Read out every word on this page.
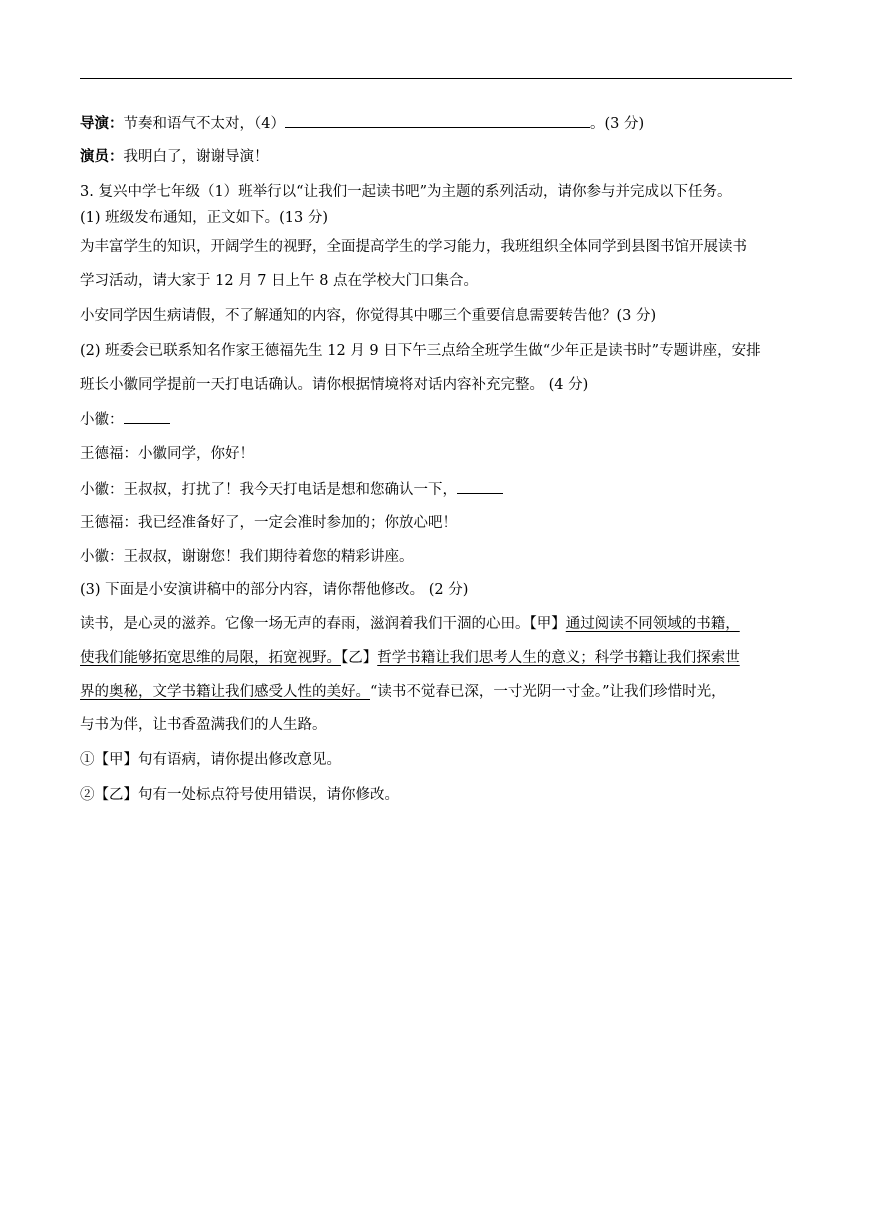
导演：节奏和语气不太对，（4）	。(3 分)
演员：我明白了，谢谢导演！
3. 复兴中学七年级（1）班举行以“让我们一起读书吧”为主题的系列活动，请你参与并完成以下任务。
(1) 班级发布通知，正文如下。(13 分)
为丰富学生的知识，开阔学生的视野，全面提高学生的学习能力，我班组织全体同学到县图书馆开展读书
学习活动，请大家于 12 月 7 日上午 8 点在学校大门口集合。
小安同学因生病请假，不了解通知的内容，你觉得其中哪三个重要信息需要转告他？(3 分)
(2) 班委会已联系知名作家王德福先生 12 月 9 日下午三点给全班学生做“少年正是读书时”专题讲座，安排
班长小徽同学提前一天打电话确认。请你根据情境将对话内容补充完整。 (4 分)
小徽：
王德福：小徽同学，你好！
小徽：王叔叔，打扰了！我今天打电话是想和您确认一下，
王德福：我已经准备好了，一定会准时参加的；你放心吧！
小徽：王叔叔，谢谢您！我们期待着您的精彩讲座。
(3) 下面是小安演讲稿中的部分内容，请你帮他修改。 (2 分)
读书，是心灵的滋养。它像一场无声的春雨，滋润着我们干涸的心田。【甲】通过阅读不同领域的书籍，
使我们能够拓宽思维的局限，拓宽视野。【乙】哲学书籍让我们思考人生的意义；科学书籍让我们探索世
界的奥秘，文学书籍让我们感受人性的美好。“读书不觉春已深，一寸光阴一寸金。”让我们珍惜时光，
与书为伴，让书香盈满我们的人生路。
①【甲】句有语病，请你提出修改意见。
②【乙】句有一处标点符号使用错误，请你修改。
